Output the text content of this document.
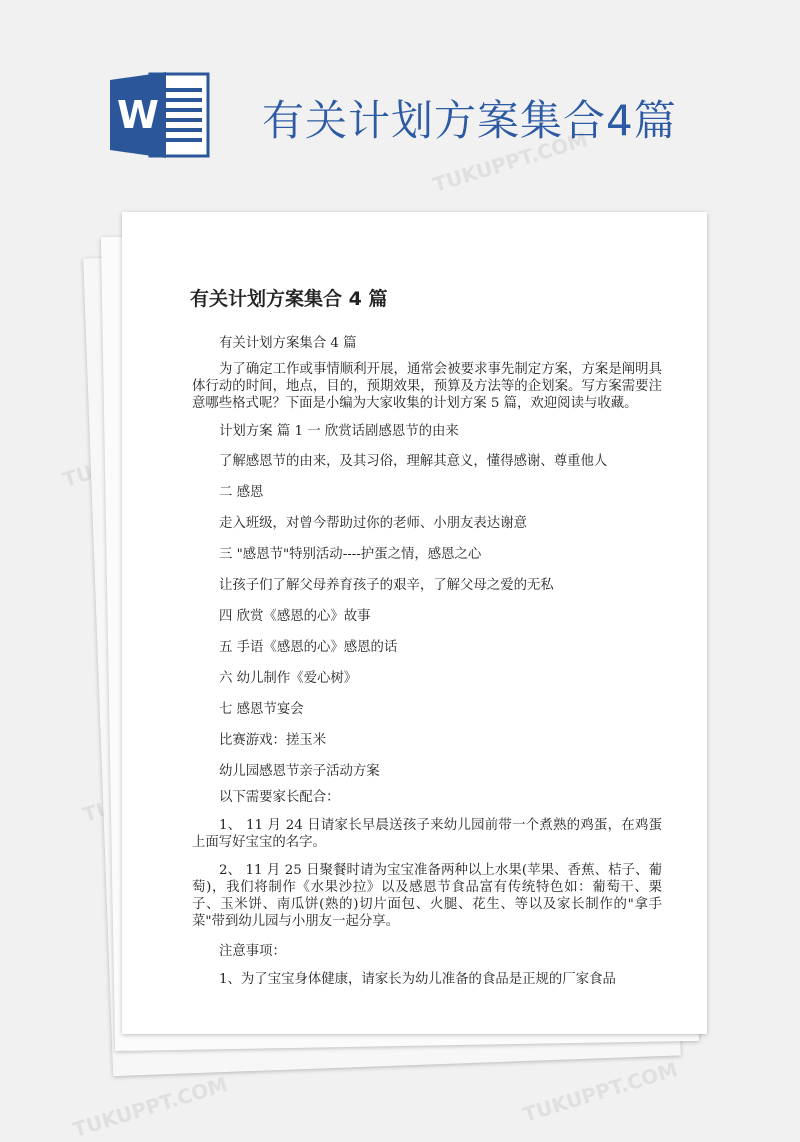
W 有关计划方案集合4篇
TUKUPPT.COM
TUKUPPT.COM
TUKUPPT.COM
有关计划方案集合 4 篇

有关计划方案集合 4 篇

为了确定工作或事情顺利开展，通常会被要求事先制定方案，方案是阐明具体行动的时间，地点，目的，预期效果，预算及方法等的企划案。写方案需要注意哪些格式呢？下面是小编为大家收集的计划方案 5 篇，欢迎阅读与收藏。

计划方案 篇 1 一 欣赏话剧感恩节的由来

了解感恩节的由来，及其习俗，理解其意义，懂得感谢、尊重他人

二 感恩

走入班级，对曾今帮助过你的老师、小朋友表达谢意

三 "感恩节"特别活动----护蛋之情，感恩之心

让孩子们了解父母养育孩子的艰辛，了解父母之爱的无私

四 欣赏《感恩的心》故事

五 手语《感恩的心》感恩的话

六 幼儿制作《爱心树》

七 感恩节宴会

比赛游戏：搓玉米

幼儿园感恩节亲子活动方案

以下需要家长配合：

1、 11 月 24 日请家长早晨送孩子来幼儿园前带一个煮熟的鸡蛋，在鸡蛋上面写好宝宝的名字。

2、 11 月 25 日聚餐时请为宝宝准备两种以上水果(苹果、香蕉、桔子、葡萄)，我们将制作《水果沙拉》以及感恩节食品富有传统特色如：葡萄干、栗子、玉米饼、南瓜饼(熟的)切片面包、火腿、花生、等以及家长制作的"拿手菜"带到幼儿园与小朋友一起分享。

注意事项：

1、为了宝宝身体健康，请家长为幼儿准备的食品是正规的厂家食品
